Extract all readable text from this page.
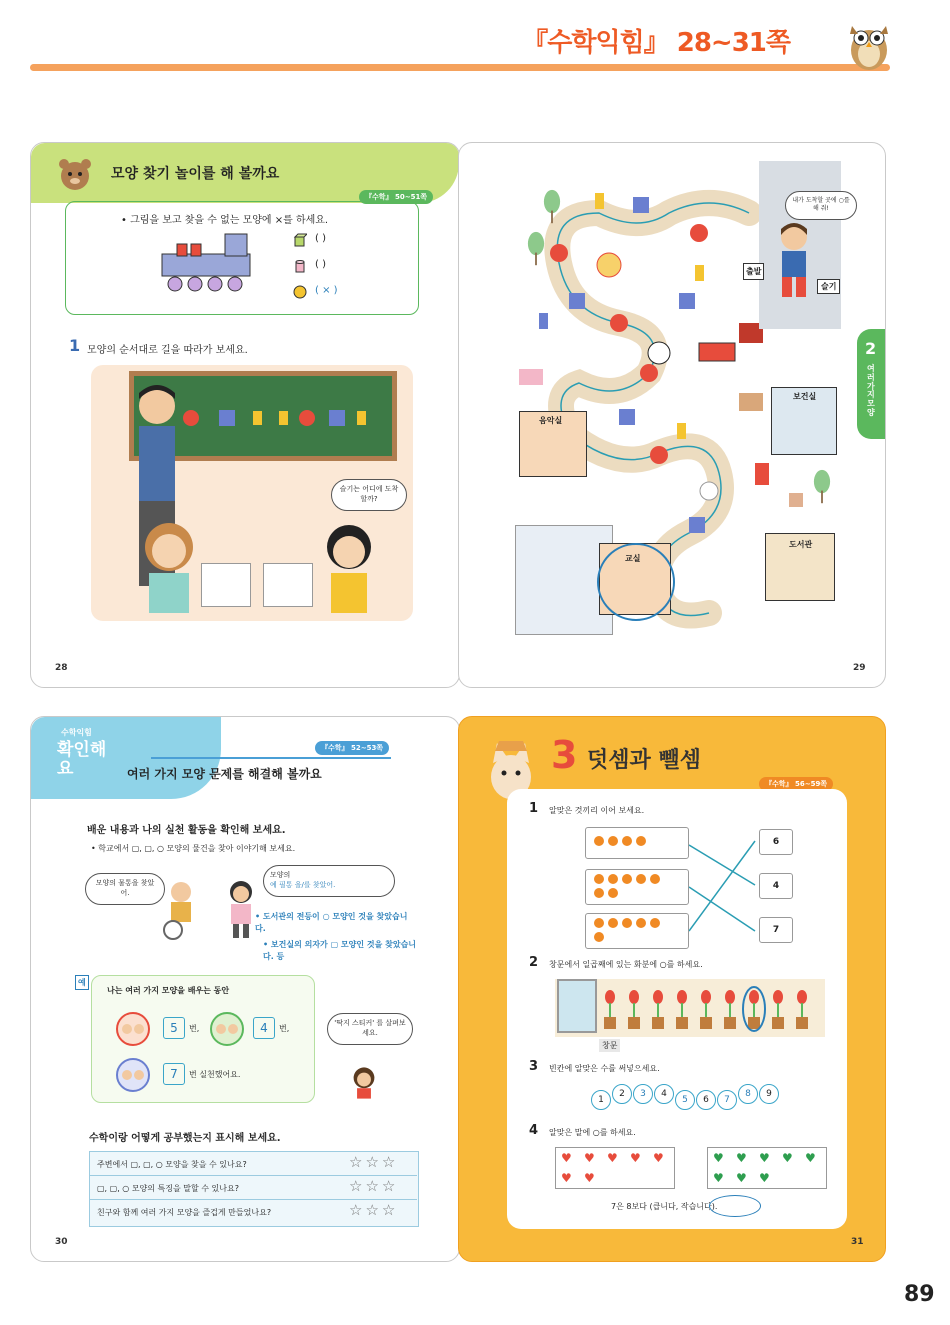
『수학익힘』 28~31쪽
모양 찾기 놀이를 해 볼까요
『수학』 50~51쪽
• 그림을 보고 찾을 수 없는 모양에 ×를 하세요.
( )
( )
( × )
1 모양의 순서대로 길을 따라가 보세요.
슬기는 어디에 도착할까?
28
내가 도착할 곳에 ○를 해 줘!
출발
슬기
음악실
보건실
도서관
교실
2
여러 가지 모양
29
수학익힘
확인해요
『수학』 52~53쪽
여러 가지 모양 문제를 해결해 볼까요
배운 내용과 나의 실천 활동을 확인해 보세요.
• 학교에서 ▢, ▢, ○ 모양의 물건을 찾아 이야기해 보세요.
모양의 물통을 찾았어.
모양의
예 필통 을/를 찾았어.
• 도서관의 전등이 ○ 모양인 것을 찾았습니다.
• 보건실의 의자가 ▢ 모양인 것을 찾았습니다. 등
예
나는 여러 가지 모양을 배우는 동안
5	번,	4	번,
7	번 실천했어요.
'딱지 스티커' 를 살펴보세요.
수학이랑 어떻게 공부했는지 표시해 보세요.
주변에서 ▢, ▢, ○ 모양을 찾을 수 있나요?	☆☆☆
▢, ▢, ○ 모양의 특징을 말할 수 있나요?	☆☆☆
친구와 함께 여러 가지 모양을 즐겁게 만들었나요?	☆☆☆
30
3 덧셈과 뺄셈
『수학』 56~59쪽
1 알맞은 것끼리 이어 보세요.
6
4
7
2 창문에서 일곱째에 있는 화분에 ○를 하세요.
창문
3 빈칸에 알맞은 수를 써넣으세요.
12 3 45 6 78 9
4 알맞은 말에 ○를 하세요.
♥ ♥ ♥ ♥ ♥
♥ ♥
♥ ♥ ♥ ♥ ♥
♥ ♥ ♥
7은 8보다 (큽니다, 작습니다).
31
89
